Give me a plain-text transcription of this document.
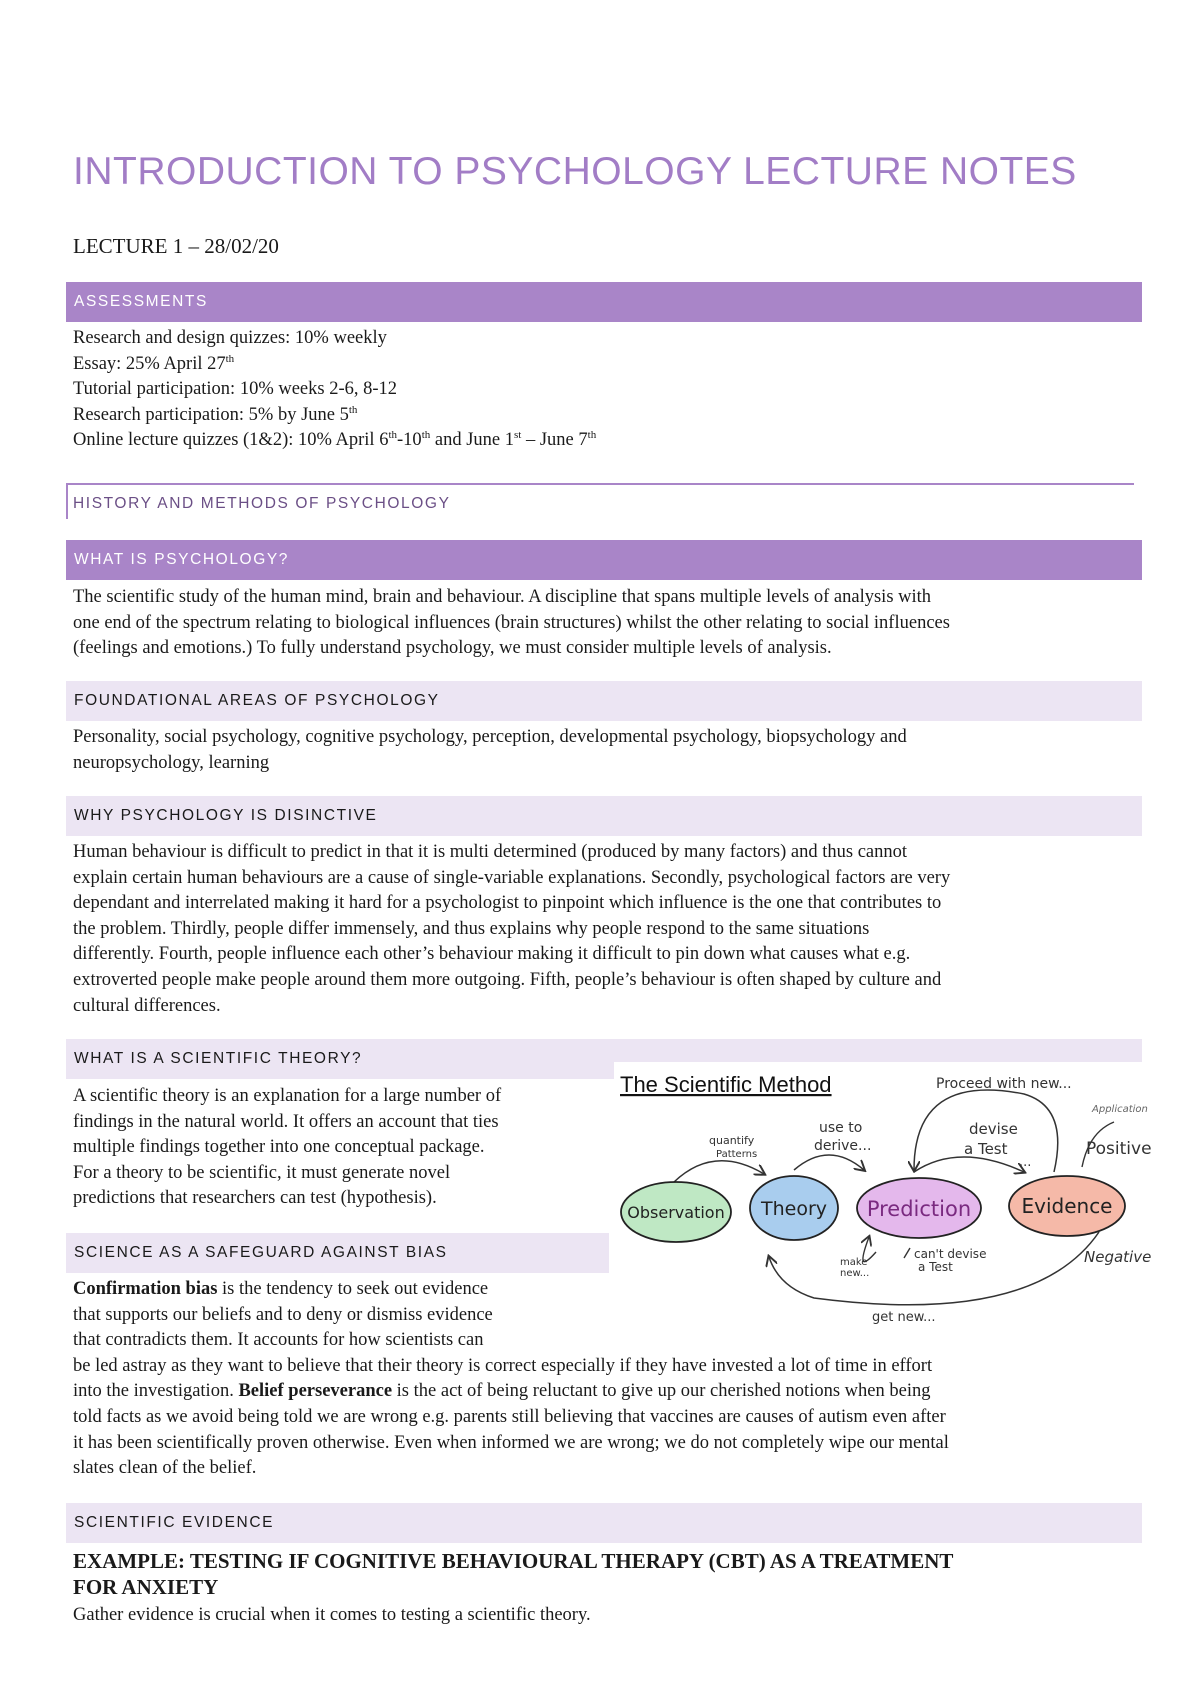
INTRODUCTION TO PSYCHOLOGY LECTURE NOTES
LECTURE 1 – 28/02/20
ASSESSMENTS
Research and design quizzes: 10% weekly
Essay: 25% April 27th
Tutorial participation: 10% weeks 2-6, 8-12
Research participation: 5% by June 5th
Online lecture quizzes (1&2): 10% April 6th-10th and June 1st – June 7th
HISTORY AND METHODS OF PSYCHOLOGY
WHAT IS PSYCHOLOGY?
The scientific study of the human mind, brain and behaviour. A discipline that spans multiple levels of analysis with
one end of the spectrum relating to biological influences (brain structures) whilst the other relating to social influences
(feelings and emotions.) To fully understand psychology, we must consider multiple levels of analysis.
FOUNDATIONAL AREAS OF PSYCHOLOGY
Personality, social psychology, cognitive psychology, perception, developmental psychology, biopsychology and
neuropsychology, learning
WHY PSYCHOLOGY IS DISINCTIVE
Human behaviour is difficult to predict in that it is multi determined (produced by many factors) and thus cannot
explain certain human behaviours are a cause of single-variable explanations. Secondly, psychological factors are very
dependant and interrelated making it hard for a psychologist to pinpoint which influence is the one that contributes to
the problem. Thirdly, people differ immensely, and thus explains why people respond to the same situations
differently. Fourth, people influence each other’s behaviour making it difficult to pin down what causes what e.g.
extroverted people make people around them more outgoing. Fifth, people’s behaviour is often shaped by culture and
cultural differences.
WHAT IS A SCIENTIFIC THEORY?
A scientific theory is an explanation for a large number of
findings in the natural world. It offers an account that ties
multiple findings together into one conceptual package.
For a theory to be scientific, it must generate novel
predictions that researchers can test (hypothesis).
SCIENCE AS A SAFEGUARD AGAINST BIAS
Confirmation bias is the tendency to seek out evidence
that supports our beliefs and to deny or dismiss evidence
that contradicts them. It accounts for how scientists can
be led astray as they want to believe that their theory is correct especially if they have invested a lot of time in effort
into the investigation. Belief perseverance is the act of being reluctant to give up our cherished notions when being
told facts as we avoid being told we are wrong e.g. parents still believing that vaccines are causes of autism even after
it has been scientifically proven otherwise. Even when informed we are wrong; we do not completely wipe our mental
slates clean of the belief.
The Scientific Method
Observation Theory Prediction	Evidence
Proceed with new...
Application
quantify
Patterns
use to
derive...
devise
a Test
...
Positive
Negative
make
new...
can't devise
a Test
get new...
SCIENTIFIC EVIDENCE
EXAMPLE: TESTING IF COGNITIVE BEHAVIOURAL THERAPY (CBT) AS A TREATMENT
FOR ANXIETY
Gather evidence is crucial when it comes to testing a scientific theory.
